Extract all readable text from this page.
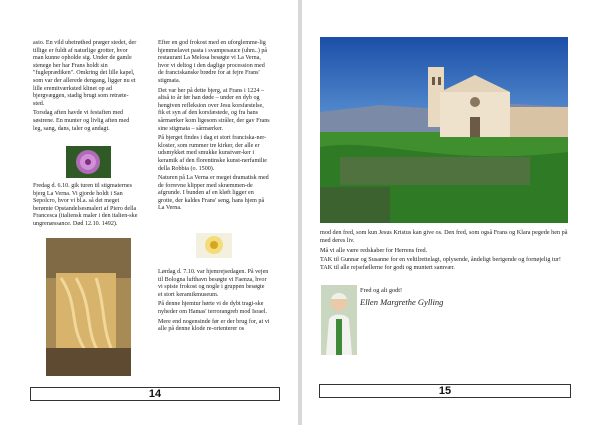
asio. En vild ubetrøthed præger stedet, der tillige er fuldt af naturlige grotter, hvor man kunne opholde sig. Under de gamle stenege her har Frans holdt sin "fugleprædiken". Omkring det lille kapel, som var der allerede dengang, ligger nu et lille eremitværksted klinet op ad bjergvæggen, stadig brugt som retræte-sted.

Torsdag aften havde vi festaften med søstrene. En munter og livlig aften med leg, sang, dans, taler og andagt.

Fredag d. 6.10. gik turen til stigmaternes bjerg La Verna. Vi gjorde holdt i San Sepolcro, hvor vi bl.a. så det meget berømte Opstandelsesmaleri af Piero della Francesca (italiensk maler i den italien-ske ungrenæssance. Død 12.10. 1492).

Efter en god frokost med en uforglemme-lig hjemmelavet pasta i svampesauce (uhm..) på restaurant La Melosa besøgte vi La Verna, hvor vi deltog i den daglige procession med de franciskanske brødre for at fejre Frans' stigmata.

Det var her på dette bjerg, at Frans i 1224 – altså to år før han døde – under en dyb og hengiven refleksion over Jesu korsfæstelse, fik et syn af den korsfæstede, og fra hans sårmærker kom ligesom stråler, der gav Frans sine stigmata – sårmærker.

På bjerget findes i dag et stort franciska-ner-kloster, som rummer tre kirker, der alle er udsmykket med smukke kunstvær-ker i keramik af den florentinske kunst-nerfamilie della Robbia (o. 1500).

Naturen på La Verna er meget dramatisk med de forrevne klipper med skræmmen-de afgrunde. I bunden af en kløft ligger en grotte, der kaldes Frans' seng, hans hjem på La Verna.

Lørdag d. 7.10. var hjemrejsedagen. På vejen til Bologna lufthavn besøgte vi Faenza, hvor vi spiste frokost og nogle i gruppen besøgte et stort keramikmuseum.

På denne hjemtur hørte vi de dybt tragi-ske nyheder om Hamas' terrorangreb mod Israel.

Mere end nogensinde før er der brug for, at vi alle på denne klode re-orienterer os

14

mod den fred, som kun Jesus Kristus kan give os. Den fred, som også Frans og Klara pegede hen på med deres liv.

Må vi alle være redskaber for Herrens fred.

TAK til Gunnar og Susanne for en veltilrettelagt, oplysende, åndeligt berigende og fornøjelig tur! TAK til alle rejsefællerne for godt og muntert samvær.

Fred og alt godt!
Ellen Margrethe Gylling
15
